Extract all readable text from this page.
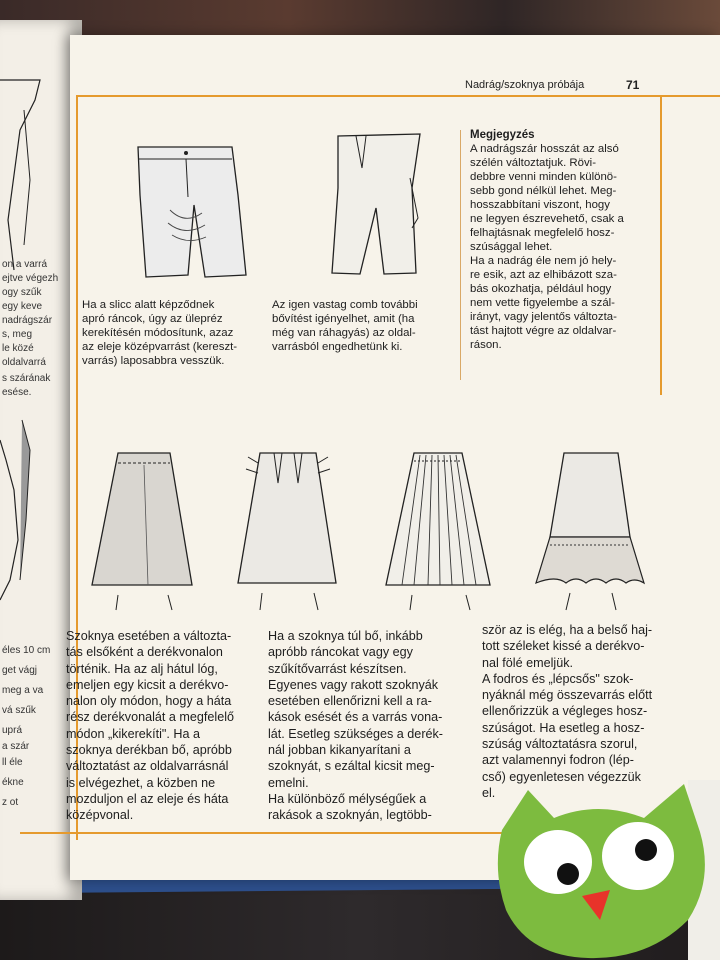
on a varrá
ejtve végezh
ogy szűk
egy keve
nadrágszár
s, meg
le közé
oldalvarrá
s szárának
esése.
éles 10 cm
get vágj
meg a va
vá szűk
uprá
a szár
ll éle
ékne
z ot
Nadrág/szoknya próbája	71
Ha a slicc alatt képződnek
apró ráncok, úgy az ülepréz
kerekítésén módosítunk, azaz
az eleje középvarrást (kereszt-
varrás) laposabbra vesszük.
Az igen vastag comb további
bővítést igényelhet, amit (ha
még van ráhagyás) az oldal-
varrásból engedhetünk ki.
Megjegyzés
A nadrágszár hosszát az alsó
szélén változtatjuk. Rövi-
debbre venni minden különö-
sebb gond nélkül lehet. Meg-
hosszabbítani viszont, hogy
ne legyen észrevehető, csak a
felhajtásnak megfelelő hosz-
szúsággal lehet.
Ha a nadrág éle nem jó hely-
re esik, azt az elhibázott sza-
bás okozhatja, például hogy
nem vette figyelembe a szál-
irányt, vagy jelentős változta-
tást hajtott végre az oldalvar-
ráson.
Szoknya esetében a változta-
tás elsőként a derékvonalon
történik. Ha az alj hátul lóg,
emeljen egy kicsit a derékvo-
nalon oly módon, hogy a háta
rész derékvonalát a megfelelő
módon „kikerekíti". Ha a
szoknya derékban bő, apróbb
változtatást az oldalvarrásnál
is elvégezhet, a közben ne
mozduljon el az eleje és háta
középvonal.
Ha a szoknya túl bő, inkább
apróbb ráncokat vagy egy
szűkítővarrást készítsen.
Egyenes vagy rakott szoknyák
esetében ellenőrizni kell a ra-
kások esését és a varrás vona-
lát. Esetleg szükséges a derék-
nál jobban kikanyarítani a
szoknyát, s ezáltal kicsit meg-
emelni.
Ha különböző mélységűek a
rakások a szoknyán, legtöbb-
ször az is elég, ha a belső haj-
tott széleket kissé a derékvo-
nal fölé emeljük.
A fodros és „lépcsős" szok-
nyáknál még összevarrás előtt
ellenőrizzük a végleges hosz-
szúságot. Ha esetleg a hosz-
szúság változtatásra szorul,
azt valamennyi fodron (lép-
cső) egyenletesen végezzük
el.
